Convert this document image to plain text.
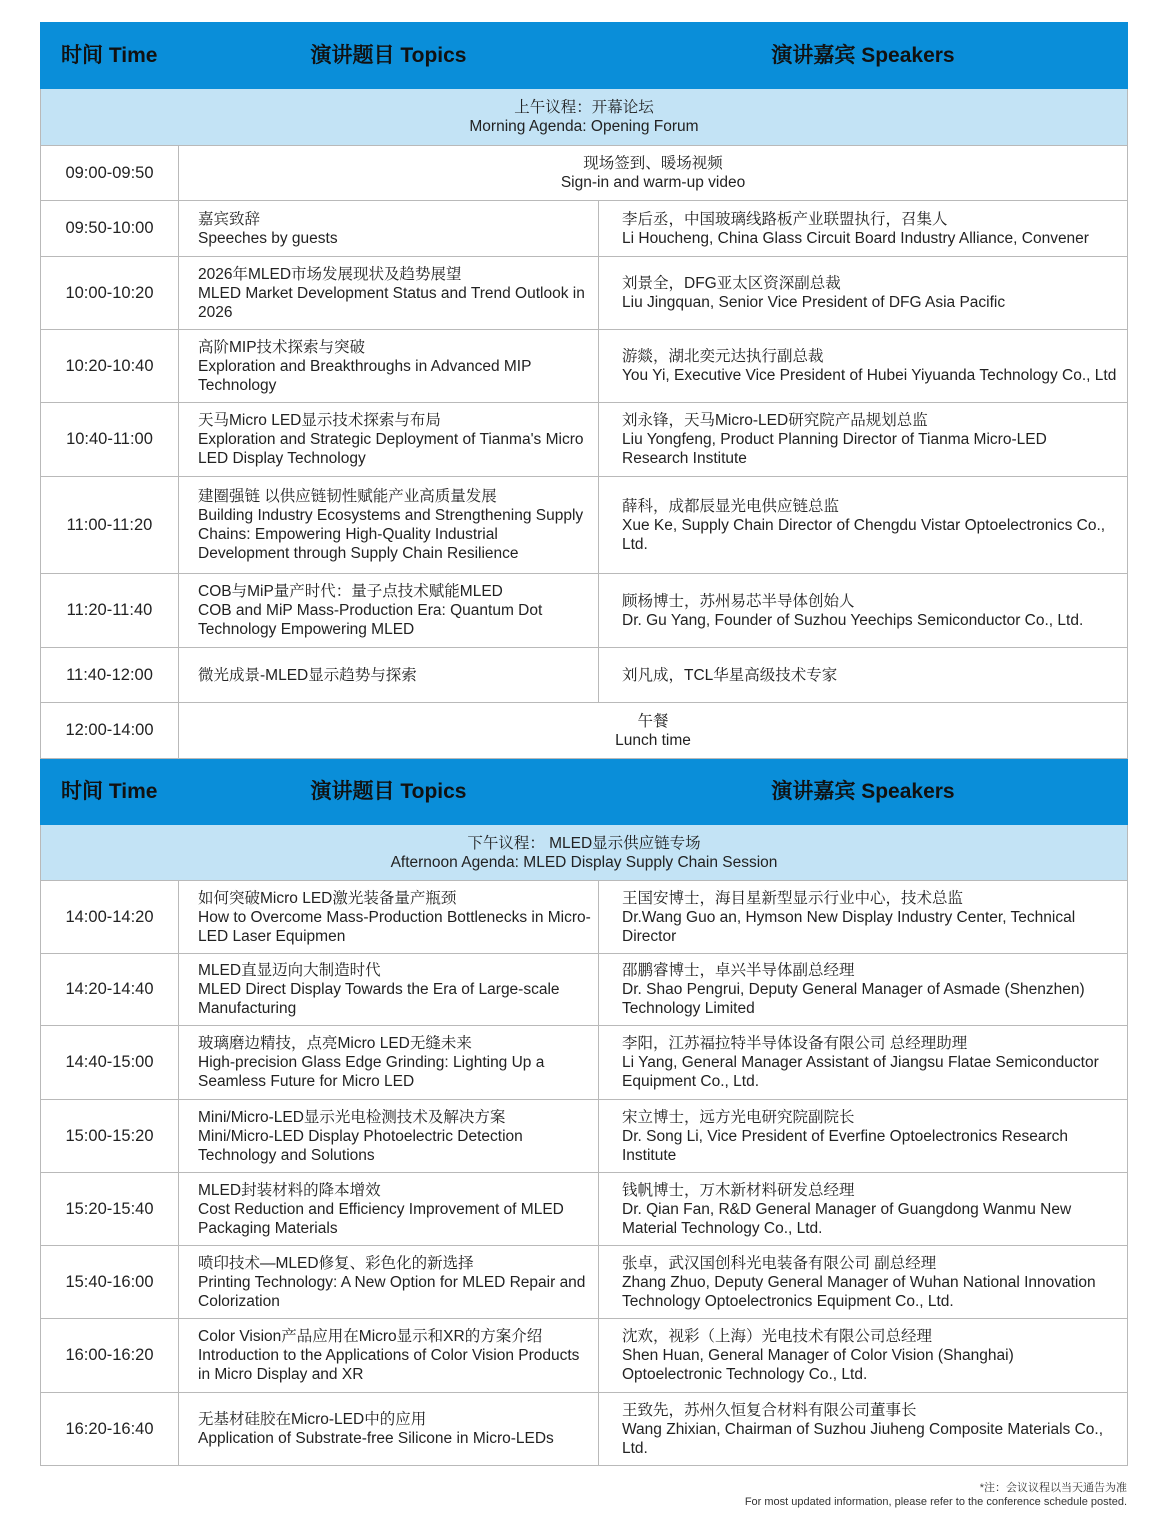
时间 Time	演讲题目 Topics	演讲嘉宾 Speakers

上午议程：开幕论坛
Morning Agenda: Opening Forum		

09:00-09:50	现场签到、暖场视频
Sign-in and warm-up video	

09:50-10:00	嘉宾致辞
Speeches by guests	李后丞，中国玻璃线路板产业联盟执行，召集人
Li Houcheng, China Glass Circuit Board Industry Alliance, Convener

10:00-10:20	2026年MLED市场发展现状及趋势展望
MLED Market Development Status and Trend Outlook in 2026	刘景全，DFG亚太区资深副总裁
Liu Jingquan, Senior Vice President of DFG Asia Pacific

10:20-10:40	高阶MIP技术探索与突破
Exploration and Breakthroughs in Advanced MIP Technology	游燚，湖北奕元达执行副总裁
You Yi, Executive Vice President of Hubei Yiyuanda Technology Co., Ltd

10:40-11:00	天马Micro LED显示技术探索与布局
Exploration and Strategic Deployment of Tianma's Micro LED Display Technology	刘永锋，天马Micro-LED研究院产品规划总监
Liu Yongfeng, Product Planning Director of Tianma Micro-LED Research Institute

11:00-11:20	建圈强链 以供应链韧性赋能产业高质量发展
Building Industry Ecosystems and Strengthening Supply Chains: Empowering High-Quality Industrial Development through Supply Chain Resilience	薛科，成都辰显光电供应链总监
Xue Ke, Supply Chain Director of Chengdu Vistar Optoelectronics Co., Ltd.

11:20-11:40	COB与MiP量产时代：量子点技术赋能MLED
COB and MiP Mass-Production Era: Quantum Dot Technology Empowering MLED	顾杨博士，苏州易芯半导体创始人
Dr. Gu Yang, Founder of Suzhou Yeechips Semiconductor Co., Ltd.

11:40-12:00	微光成景-MLED显示趋势与探索	刘凡成，TCL华星高级技术专家

12:00-14:00	午餐
Lunch time	

时间 Time	演讲题目 Topics	演讲嘉宾 Speakers

下午议程： MLED显示供应链专场
Afternoon Agenda: MLED Display Supply Chain Session		

14:00-14:20	如何突破Micro LED激光装备量产瓶颈
How to Overcome Mass-Production Bottlenecks in Micro-LED Laser Equipmen	王国安博士，海目星新型显示行业中心，技术总监
Dr.Wang Guo an, Hymson New Display Industry Center, Technical Director

14:20-14:40	MLED直显迈向大制造时代
MLED Direct Display Towards the Era of Large-scale Manufacturing	邵鹏睿博士，卓兴半导体副总经理
Dr. Shao Pengrui, Deputy General Manager of Asmade (Shenzhen) Technology Limited

14:40-15:00	玻璃磨边精技，点亮Micro LED无缝未来
High-precision Glass Edge Grinding: Lighting Up a Seamless Future for Micro LED	李阳，江苏福拉特半导体设备有限公司 总经理助理
Li Yang, General Manager Assistant of Jiangsu Flatae Semiconductor Equipment Co., Ltd.

15:00-15:20	Mini/Micro-LED显示光电检测技术及解决方案
Mini/Micro-LED Display Photoelectric Detection Technology and Solutions	宋立博士，远方光电研究院副院长
Dr. Song Li, Vice President of Everfine Optoelectronics Research Institute

15:20-15:40	MLED封装材料的降本增效
Cost Reduction and Efficiency Improvement of MLED Packaging Materials	钱帆博士，万木新材料研发总经理
Dr. Qian Fan, R&D General Manager of Guangdong Wanmu New Material Technology Co., Ltd.

15:40-16:00	喷印技术—MLED修复、彩色化的新选择
Printing Technology: A New Option for MLED Repair and Colorization	张卓，武汉国创科光电装备有限公司 副总经理
Zhang Zhuo, Deputy General Manager of Wuhan National Innovation Technology Optoelectronics Equipment Co., Ltd.

16:00-16:20	Color Vision产品应用在Micro显示和XR的方案介绍
Introduction to the Applications of Color Vision Products in Micro Display and XR	沈欢，视彩（上海）光电技术有限公司总经理
Shen Huan, General Manager of Color Vision (Shanghai) Optoelectronic Technology Co., Ltd.

16:20-16:40	无基材硅胶在Micro-LED中的应用
Application of Substrate-free Silicone in Micro-LEDs	王致先，苏州久恒复合材料有限公司董事长
Wang Zhixian, Chairman of Suzhou Jiuheng Composite Materials Co., Ltd.
*注：会议议程以当天通告为准
For most updated information, please refer to the conference schedule posted.
